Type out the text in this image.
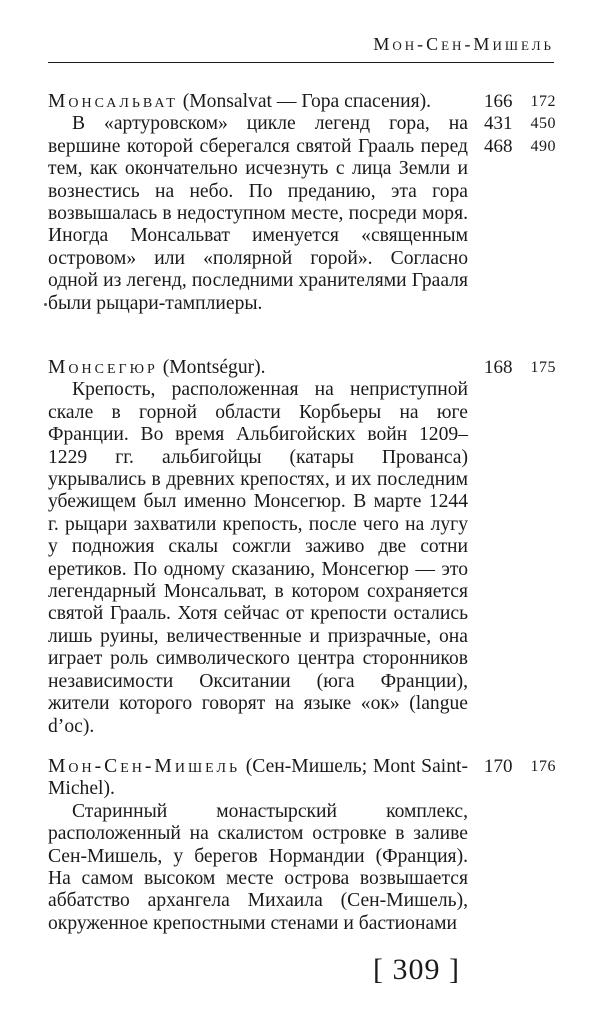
Мон-Сен-Мишель
Монсальват (Monsalvat — Гора спасения).

В «артуровском» цикле легенд гора, на вершине которой сберегался святой Грааль перед тем, как окончательно исчезнуть с лица Земли и вознестись на небо. По преданию, эта гора возвышалась в недоступном месте, посреди моря. Иногда Монсальват именуется «священным островом» или «полярной горой». Согласно одной из легенд, последними хранителями Грааля были рыцари-тамплиеры.

166 172
431 450
468 490
Монсегюр (Montségur).

Крепость, расположенная на неприступной скале в горной области Корбьеры на юге Франции. Во время Альбигойских войн 1209–1229 гг. альбигойцы (катары Прованса) укрывались в древних крепостях, и их последним убежищем был именно Монсегюр. В марте 1244 г. рыцари захватили крепость, после чего на лугу у подножия скалы сожгли заживо две сотни еретиков. По одному сказанию, Монсегюр — это легендарный Монсальват, в котором сохраняется святой Грааль. Хотя сейчас от крепости остались лишь руины, величественные и призрачные, она играет роль символического центра сторонников независимости Окситании (юга Франции), жители которого говорят на языке «ок» (langue d’oc).

168 175
Мон-Сен-Мишель (Сен-Мишель; Mont Saint-Michel).

Старинный монастырский комплекс, расположенный на скалистом островке в заливе Сен-Мишель, у берегов Нормандии (Франция). На самом высоком месте острова возвышается аббатство архангела Михаила (Сен-Мишель), окруженное крепостными стенами и бастионами

170 176
[ 309 ]
